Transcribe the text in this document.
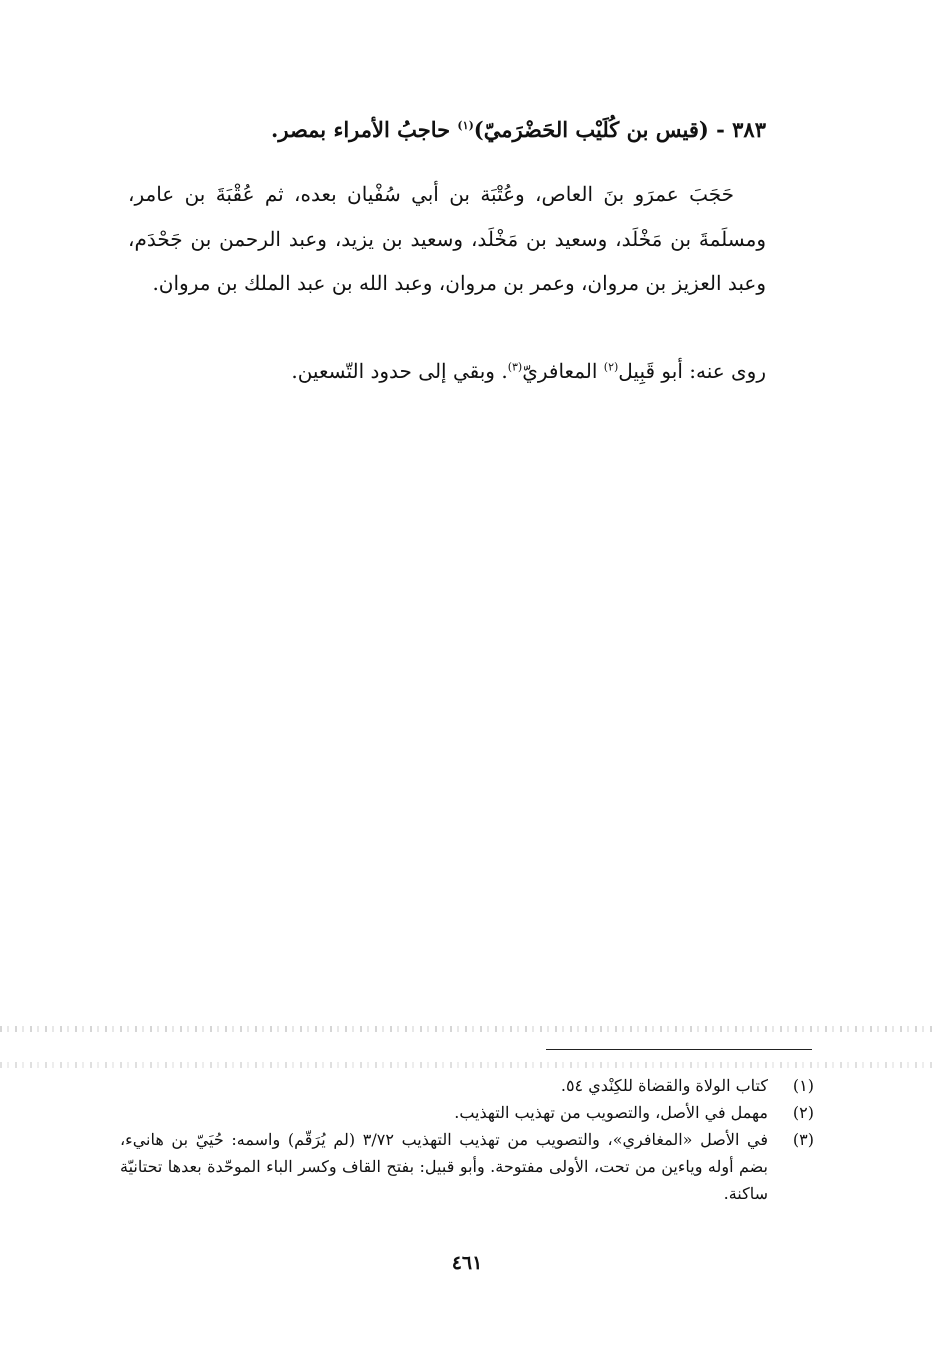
٣٨٣ - (قيس بن كُلَيْب الحَضْرَميّ)$^{(١)}$ حاجبُ الأمراء بمصر.

حَجَبَ عمرَو بنَ العاص، وعُتْبَة بن أبي سُفْيان بعده، ثم عُقْبَةَ بن عامر، ومسلَمةَ بن مَخْلَد، وسعيد بن مَخْلَد، وسعيد بن يزيد، وعبد الرحمن بن جَحْدَم، وعبد العزيز بن مروان، وعمر بن مروان، وعبد الله بن عبد الملك بن مروان.

روى عنه: أبو قَبِيل$^{(٢)}$ المعافريّ$^{(٣)}$. وبقي إلى حدود التّسعين.
(١)
كتاب الولاة والقضاة للكِنْدي ٥٤.
(٢)
مهمل في الأصل، والتصويب من تهذيب التهذيب.
(٣)
في الأصل «المغافري»، والتصويب من تهذيب التهذيب ٣/٧٢ (لم يُرَقّم) واسمه: حُيَيّ بن هانيء، بضم أوله وياءين من تحت، الأولى مفتوحة. وأبو قبيل: بفتح القاف وكسر الباء الموحّدة بعدها تحتانيّة ساكنة.
٤٦١
